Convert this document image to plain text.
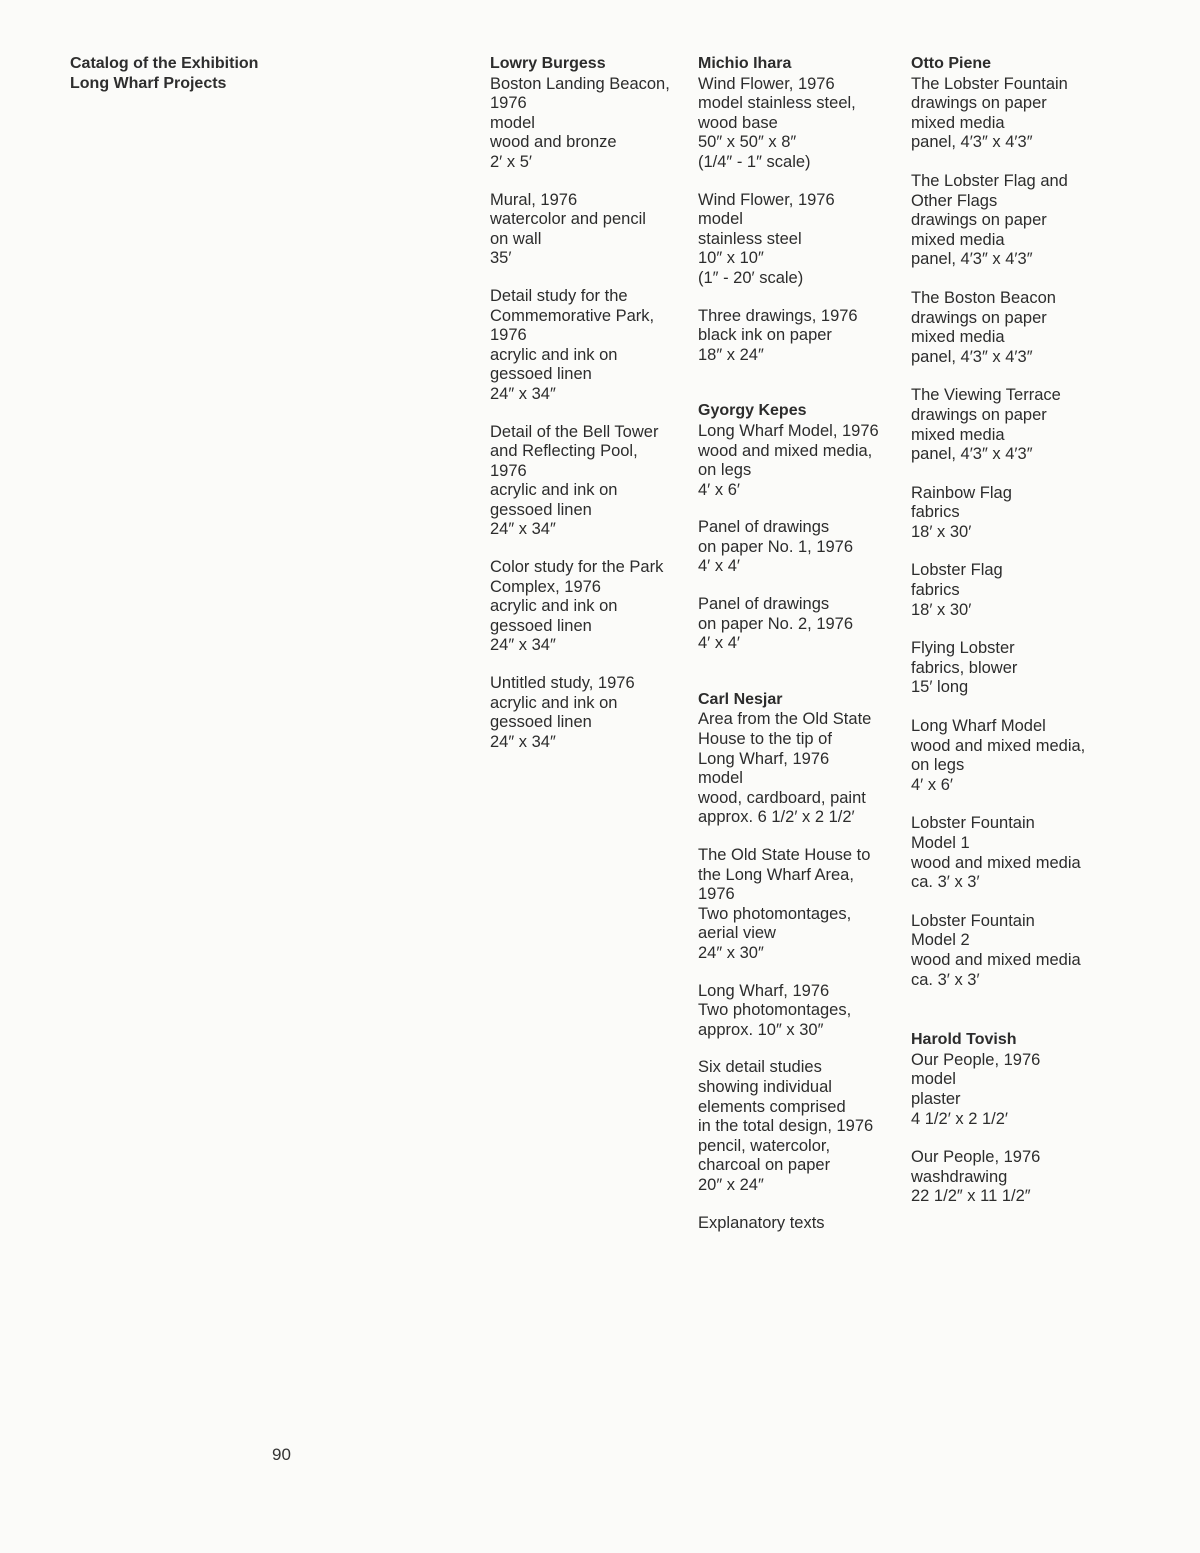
Catalog of the Exhibition
Long Wharf Projects
Lowry Burgess
Boston Landing Beacon,
1976
model
wood and bronze
2′ x 5′
Mural, 1976
watercolor and pencil
on wall
35′
Detail study for the
Commemorative Park,
1976
acrylic and ink on
gessoed linen
24″ x 34″
Detail of the Bell Tower
and Reflecting Pool,
1976
acrylic and ink on
gessoed linen
24″ x 34″
Color study for the Park
Complex, 1976
acrylic and ink on
gessoed linen
24″ x 34″
Untitled study, 1976
acrylic and ink on
gessoed linen
24″ x 34″
Michio Ihara
Wind Flower, 1976
model stainless steel,
wood base
50″ x 50″ x 8″
(1/4″ - 1″ scale)
Wind Flower, 1976
model
stainless steel
10″ x 10″
(1″ - 20′ scale)
Three drawings, 1976
black ink on paper
18″ x 24″
Gyorgy Kepes
Long Wharf Model, 1976
wood and mixed media,
on legs
4′ x 6′
Panel of drawings
on paper No. 1, 1976
4′ x 4′
Panel of drawings
on paper No. 2, 1976
4′ x 4′
Carl Nesjar
Area from the Old State
House to the tip of
Long Wharf, 1976
model
wood, cardboard, paint
approx. 6 1/2′ x 2 1/2′
The Old State House to
the Long Wharf Area,
1976
Two photomontages,
aerial view
24″ x 30″
Long Wharf, 1976
Two photomontages,
approx. 10″ x 30″
Six detail studies
showing individual
elements comprised
in the total design, 1976
pencil, watercolor,
charcoal on paper
20″ x 24″
Explanatory texts
Otto Piene
The Lobster Fountain
drawings on paper
mixed media
panel, 4′3″ x 4′3″
The Lobster Flag and
Other Flags
drawings on paper
mixed media
panel, 4′3″ x 4′3″
The Boston Beacon
drawings on paper
mixed media
panel, 4′3″ x 4′3″
The Viewing Terrace
drawings on paper
mixed media
panel, 4′3″ x 4′3″
Rainbow Flag
fabrics
18′ x 30′
Lobster Flag
fabrics
18′ x 30′
Flying Lobster
fabrics, blower
15′ long
Long Wharf Model
wood and mixed media,
on legs
4′ x 6′
Lobster Fountain
Model 1
wood and mixed media
ca. 3′ x 3′
Lobster Fountain
Model 2
wood and mixed media
ca. 3′ x 3′
Harold Tovish
Our People, 1976
model
plaster
4 1/2′ x 2 1/2′
Our People, 1976
washdrawing
22 1/2″ x 11 1/2″
90
